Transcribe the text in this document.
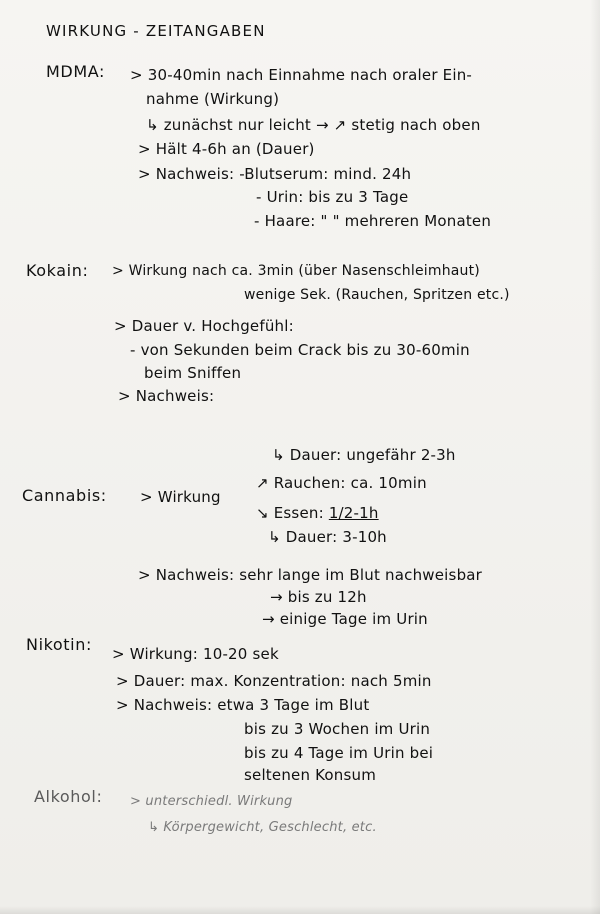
WIRKUNG - ZEITANGABEN
MDMA: > 30-40min nach Einnahme nach oraler Ein-
nahme (Wirkung)
↳ zunächst nur leicht → ↗ stetig nach oben
> Hält 4-6h an (Dauer)
> Nachweis: -Blutserum: mind. 24h
- Urin: bis zu 3 Tage
- Haare: " " mehreren Monaten
Kokain: > Wirkung nach ca. 3min (über Nasenschleimhaut)
wenige Sek. (Rauchen, Spritzen etc.)
> Dauer v. Hochgefühl:
- von Sekunden beim Crack bis zu 30-60min
beim Sniffen
> Nachweis:
Cannabis: > Wirkung
↳ Dauer: ungefähr 2-3h
↗ Rauchen: ca. 10min
↘ Essen: 1/2-1h
↳ Dauer: 3-10h
> Nachweis: sehr lange im Blut nachweisbar
→ bis zu 12h
→ einige Tage im Urin
Nikotin: > Wirkung: 10-20 sek
> Dauer: max. Konzentration: nach 5min
> Nachweis: etwa 3 Tage im Blut
bis zu 3 Wochen im Urin
bis zu 4 Tage im Urin bei
seltenen Konsum
Alkohol: > unterschiedl. Wirkung
↳ Körpergewicht, Geschlecht, etc.
